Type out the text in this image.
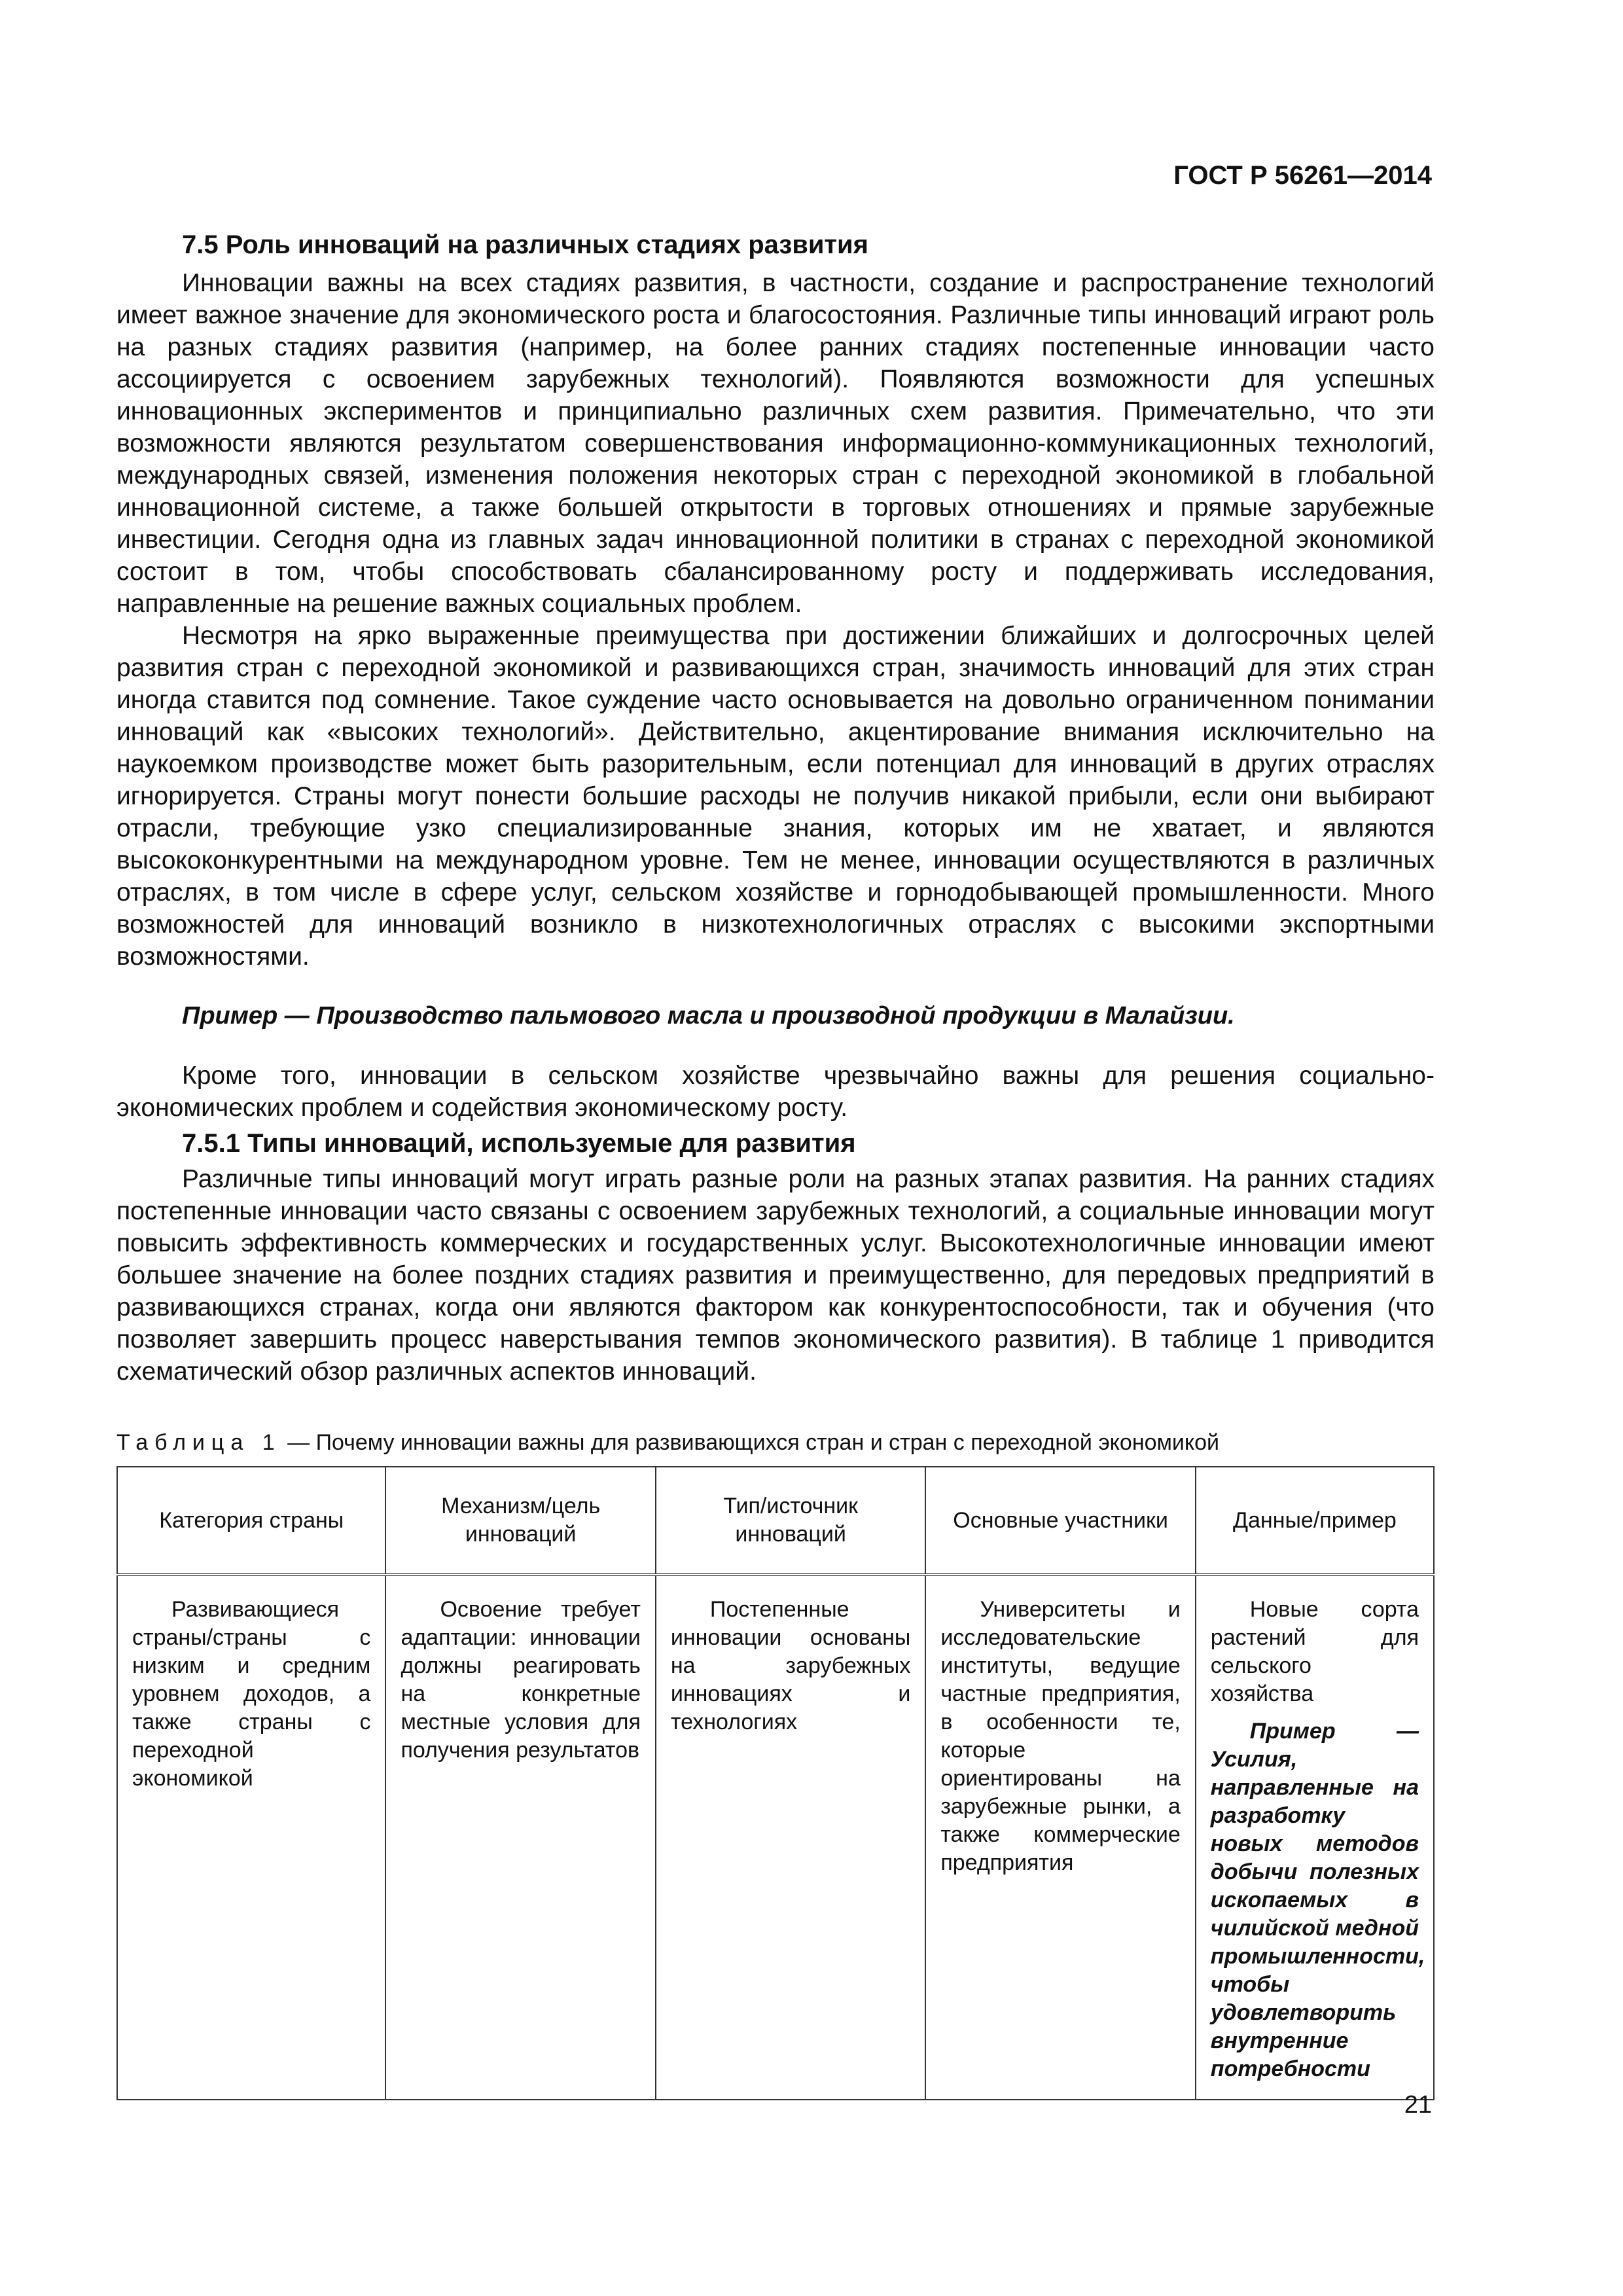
ГОСТ Р 56261—2014

7.5 Роль инноваций на различных стадиях развития

Инновации важны на всех стадиях развития, в частности, создание и распространение технологий имеет важное значение для экономического роста и благосостояния. Различные типы инноваций играют роль на разных стадиях развития (например, на более ранних стадиях постепенные инновации часто ассоциируется с освоением зарубежных технологий). Появляются возможности для успешных инновационных экспериментов и принципиально различных схем развития. Примечательно, что эти возможности являются результатом совершенствования информационно-коммуникационных технологий, международных связей, изменения положения некоторых стран с переходной экономикой в глобальной инновационной системе, а также большей открытости в торговых отношениях и прямые зарубежные инвестиции. Сегодня одна из главных задач инновационной политики в странах с переходной экономикой состоит в том, чтобы способствовать сбалансированному росту и поддерживать исследования, направленные на решение важных социальных проблем.

Несмотря на ярко выраженные преимущества при достижении ближайших и долгосрочных целей развития стран с переходной экономикой и развивающихся стран, значимость инноваций для этих стран иногда ставится под сомнение. Такое суждение часто основывается на довольно ограниченном понимании инноваций как «высоких технологий». Действительно, акцентирование внимания исключительно на наукоемком производстве может быть разорительным, если потенциал для инноваций в других отраслях игнорируется. Страны могут понести большие расходы не получив никакой прибыли, если они выбирают отрасли, требующие узко специализированные знания, которых им не хватает, и являются высококонкурентными на международном уровне. Тем не менее, инновации осуществляются в различных отраслях, в том числе в сфере услуг, сельском хозяйстве и горнодобывающей промышленности. Много возможностей для инноваций возникло в низкотехнологичных отраслях с высокими экспортными возможностями.

Пример — Производство пальмового масла и производной продукции в Малайзии.

Кроме того, инновации в сельском хозяйстве чрезвычайно важны для решения социально-экономических проблем и содействия экономическому росту.

7.5.1 Типы инноваций, используемые для развития

Различные типы инноваций могут играть разные роли на разных этапах развития. На ранних стадиях постепенные инновации часто связаны с освоением зарубежных технологий, а социальные инновации могут повысить эффективность коммерческих и государственных услуг. Высокотехнологичные инновации имеют большее значение на более поздних стадиях развития и преимущественно, для передовых предприятий в развивающихся странах, когда они являются фактором как конкурентоспособности, так и обучения (что позволяет завершить процесс наверстывания темпов экономического развития). В таблице 1 приводится схематический обзор различных аспектов инноваций.

Таблица 1 — Почему инновации важны для развивающихся стран и стран с переходной экономикой

Категория страны	Механизм/цель инноваций	Тип/источник инноваций	Основные участники	Данные/пример
Развивающиеся страны/страны с низким и средним уровнем доходов, а также страны с переходной экономикой	Освоение требует адаптации: инновации должны реагировать на конкретные местные условия для получения результатов	Постепенные инновации основаны на зарубежных инновациях и технологиях	Университеты и исследовательские институты, ведущие частные предприятия, в особенности те, которые ориентированы на зарубежные рынки, а также коммерческие предприятия	Новые сорта растений для сельского хозяйства
Пример — Усилия, направленные на разработку новых методов добычи полезных ископаемых в чилийской медной промышленности, чтобы удовлетворить внутренние потребности

21
